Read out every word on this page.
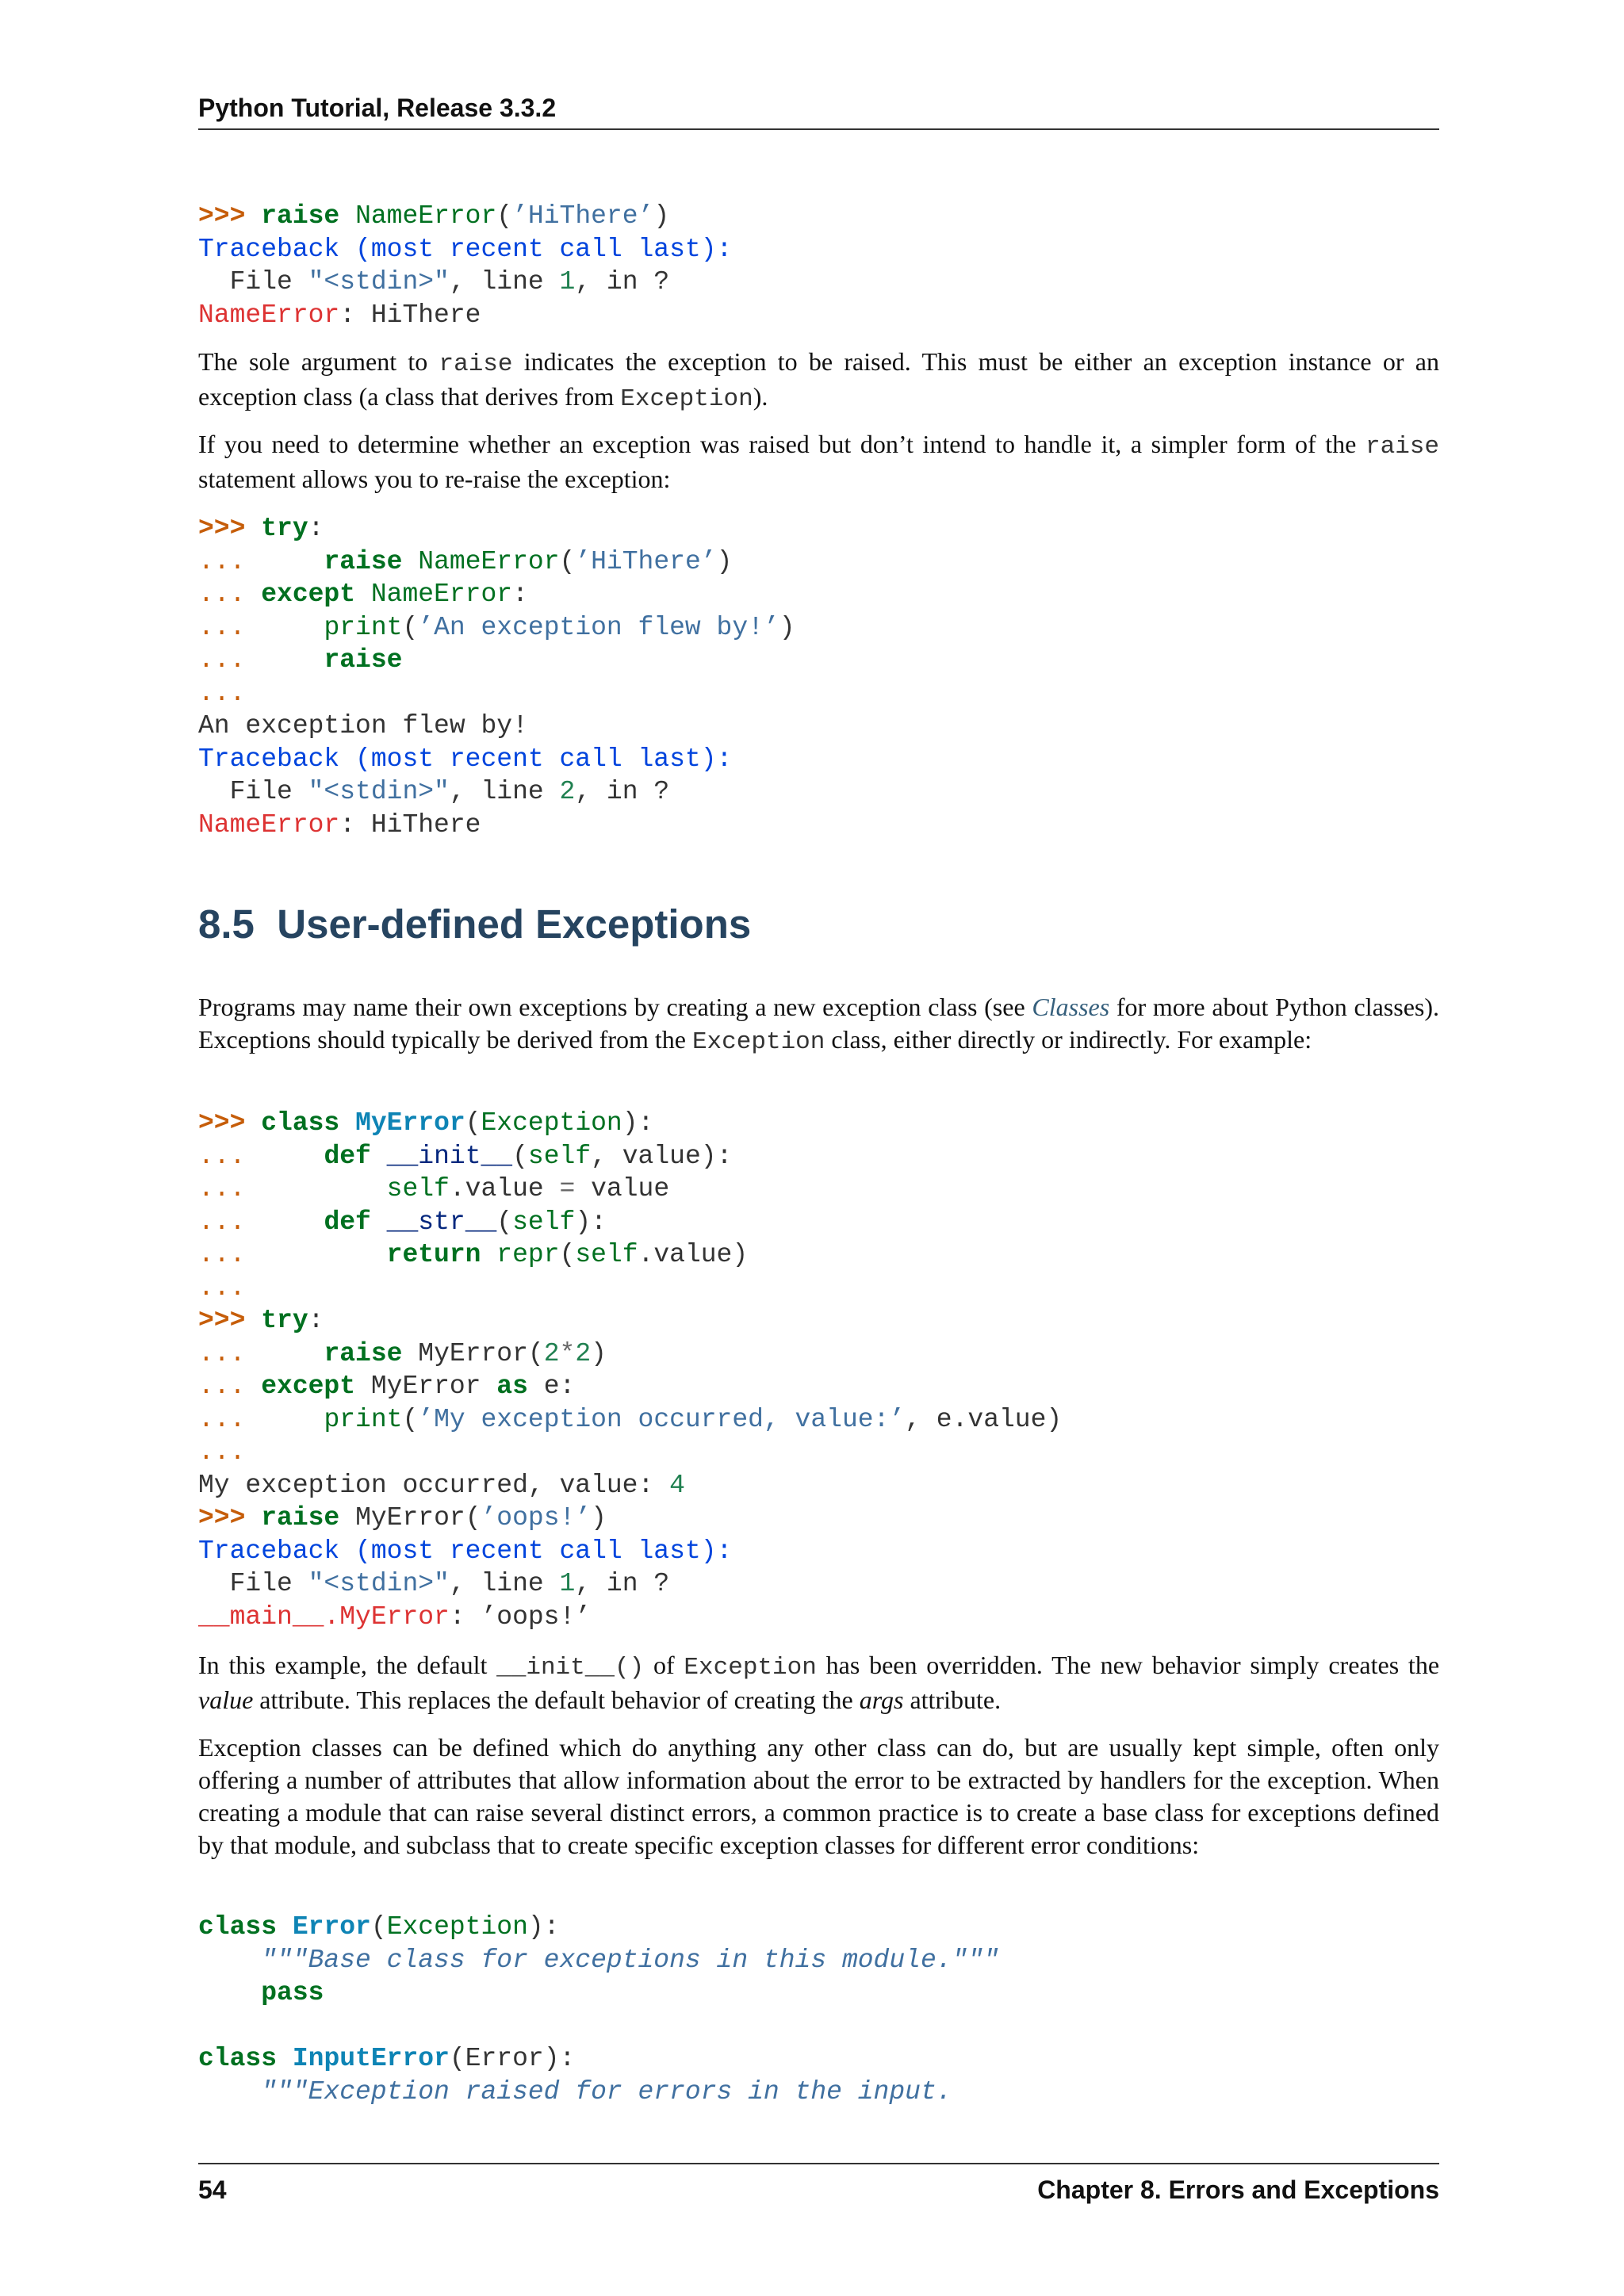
Python Tutorial, Release 3.3.2
>>> raise NameError(’HiThere’)
Traceback (most recent call last):
File "<stdin>", line 1, in ?
NameError: HiThere

The sole argument to raise indicates the exception to be raised. This must be either an exception instance or an exception class (a class that derives from Exception).

If you need to determine whether an exception was raised but don’t intend to handle it, a simpler form of the raise statement allows you to re-raise the exception:

>>> try:
...     raise NameError(’HiThere’)
... except NameError:
...     print(’An exception flew by!’)
...     raise
...
An exception flew by!
Traceback (most recent call last):
File "<stdin>", line 2, in ?
NameError: HiThere
8.5 User-defined Exceptions

Programs may name their own exceptions by creating a new exception class (see Classes for more about Python classes). Exceptions should typically be derived from the Exception class, either directly or indirectly. For example:

>>> class MyError(Exception):
...     def __init__(self, value):
...         self.value = value
...     def __str__(self):
...         return repr(self.value)
...
>>> try:
...     raise MyError(2*2)
... except MyError as e:
...     print(’My exception occurred, value:’, e.value)
...
My exception occurred, value: 4
>>> raise MyError(’oops!’)
Traceback (most recent call last):
File "<stdin>", line 1, in ?
__main__.MyError: ’oops!’

In this example, the default __init__() of Exception has been overridden. The new behavior simply creates the value attribute. This replaces the default behavior of creating the args attribute.

Exception classes can be defined which do anything any other class can do, but are usually kept simple, often only offering a number of attributes that allow information about the error to be extracted by handlers for the exception. When creating a module that can raise several distinct errors, a common practice is to create a base class for exceptions defined by that module, and subclass that to create specific exception classes for different error conditions:

class Error(Exception):
"""Base class for exceptions in this module."""
pass
class InputError(Error):
"""Exception raised for errors in the input.
54	Chapter 8. Errors and Exceptions
